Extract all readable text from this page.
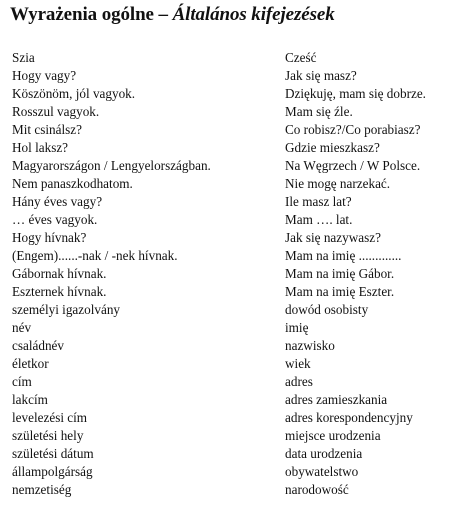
Wyrażenia ogólne – Általános kifejezések
Szia
Hogy vagy?
Köszönöm, jól vagyok.
Rosszul vagyok.
Mit csinálsz?
Hol laksz?
Magyarországon / Lengyelországban.
Nem panaszkodhatom.
Hány éves vagy?
… éves vagyok.
Hogy hívnak?
(Engem)......-nak / -nek hívnak.
Gábornak hívnak.
Eszternek hívnak.
személyi igazolvány
név
családnév
életkor
cím
lakcím
levelezési cím
születési hely
születési dátum
állampolgárság
nemzetiség
Cześć
Jak się masz?
Dziękuję, mam się dobrze.
Mam się źle.
Co robisz?/Co porabiasz?
Gdzie mieszkasz?
Na Węgrzech / W Polsce.
Nie mogę narzekać.
Ile masz lat?
Mam …. lat.
Jak się nazywasz?
Mam na imię .............
Mam na imię Gábor.
Mam na imię Eszter.
dowód osobisty
imię
nazwisko
wiek
adres
adres zamieszkania
adres korespondencyjny
miejsce urodzenia
data urodzenia
obywatelstwo
narodowość
